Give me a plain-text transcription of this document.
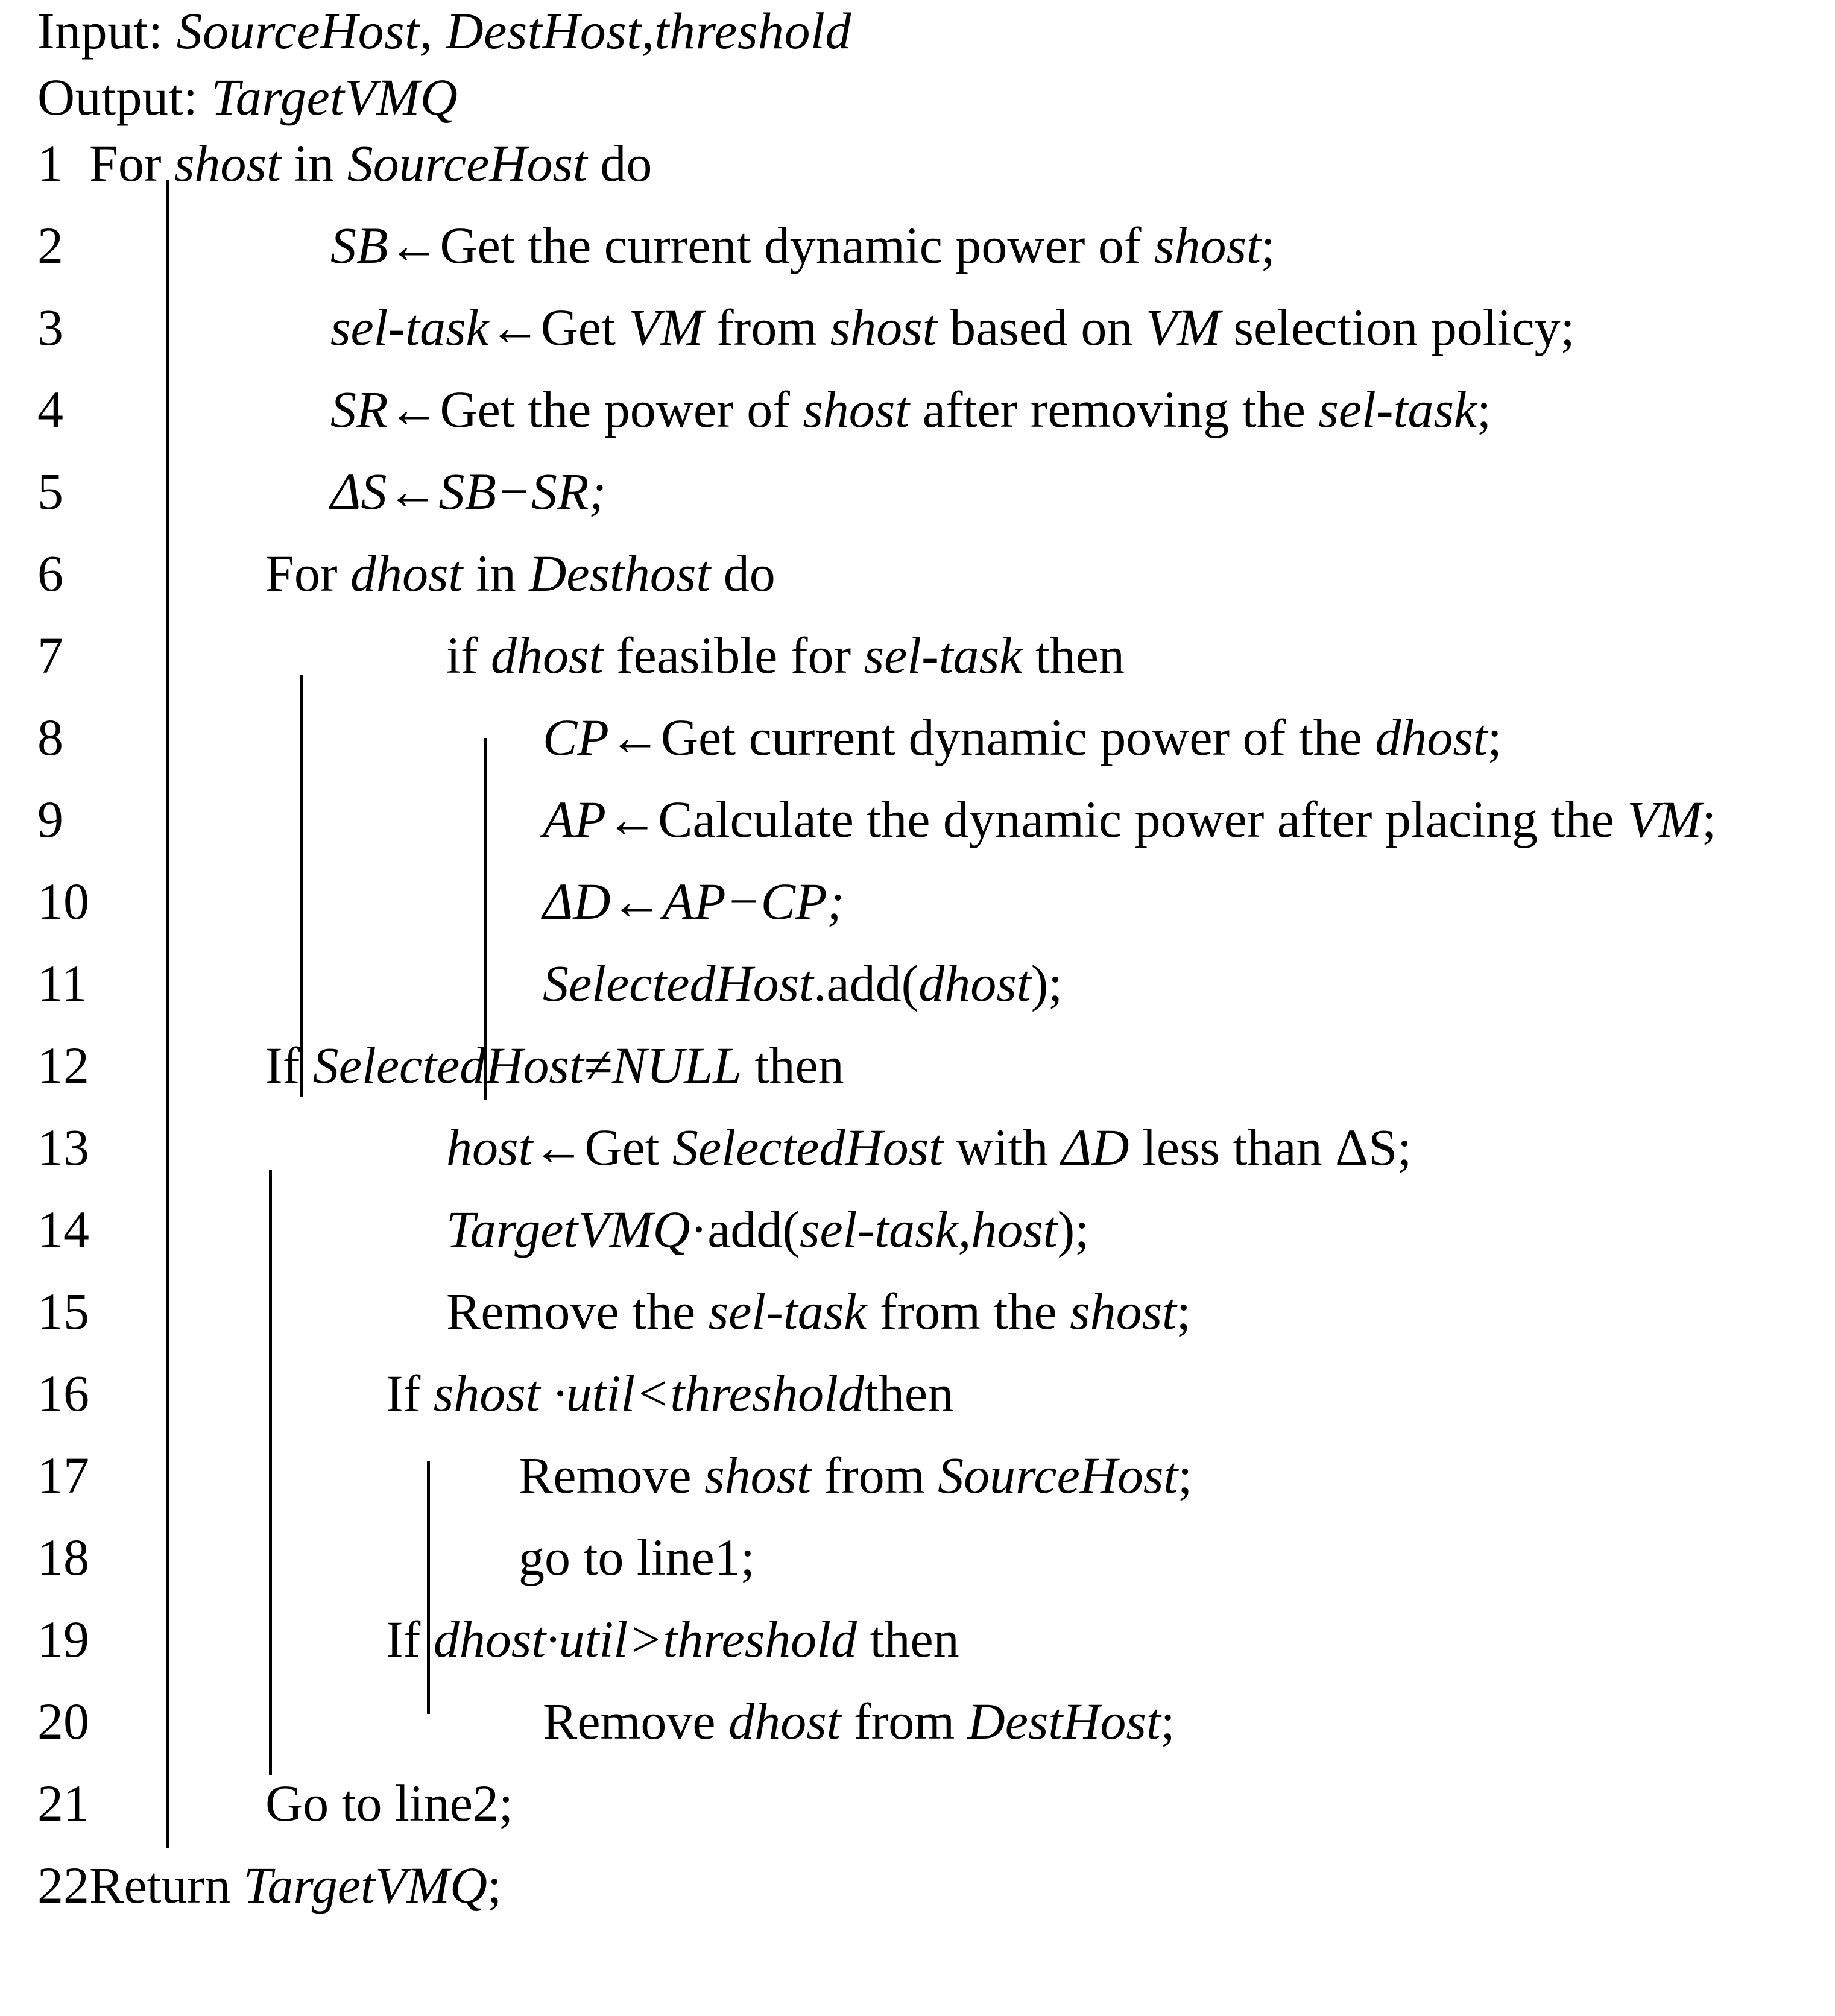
Input: SourceHost, DestHost,threshold
Output: TargetVMQ
1 For shost in SourceHost do
2	SB←Get the current dynamic power of shost;
3	sel-task←Get VM from shost based on VM selection policy;
4	SR←Get the power of shost after removing the sel-task;
5	ΔS←SB−SR;
6	For dhost in Desthost do
7	if dhost feasible for sel-task then
8	CP←Get current dynamic power of the dhost;
9	AP←Calculate the dynamic power after placing the VM;
10	ΔD←AP−CP;
11	SelectedHost.add(dhost);
12	If SelectedHost≠NULL then
13	host←Get SelectedHost with ΔD less than ΔS;
14	TargetVMQ·add(sel-task,host);
15	Remove the sel-task from the shost;
16	If shost ·util<thresholdthen
17	Remove shost from SourceHost;
18	go to line1;
19	If dhost·util>threshold then
20	Remove dhost from DestHost;
21	Go to line2;
22 Return TargetVMQ;
